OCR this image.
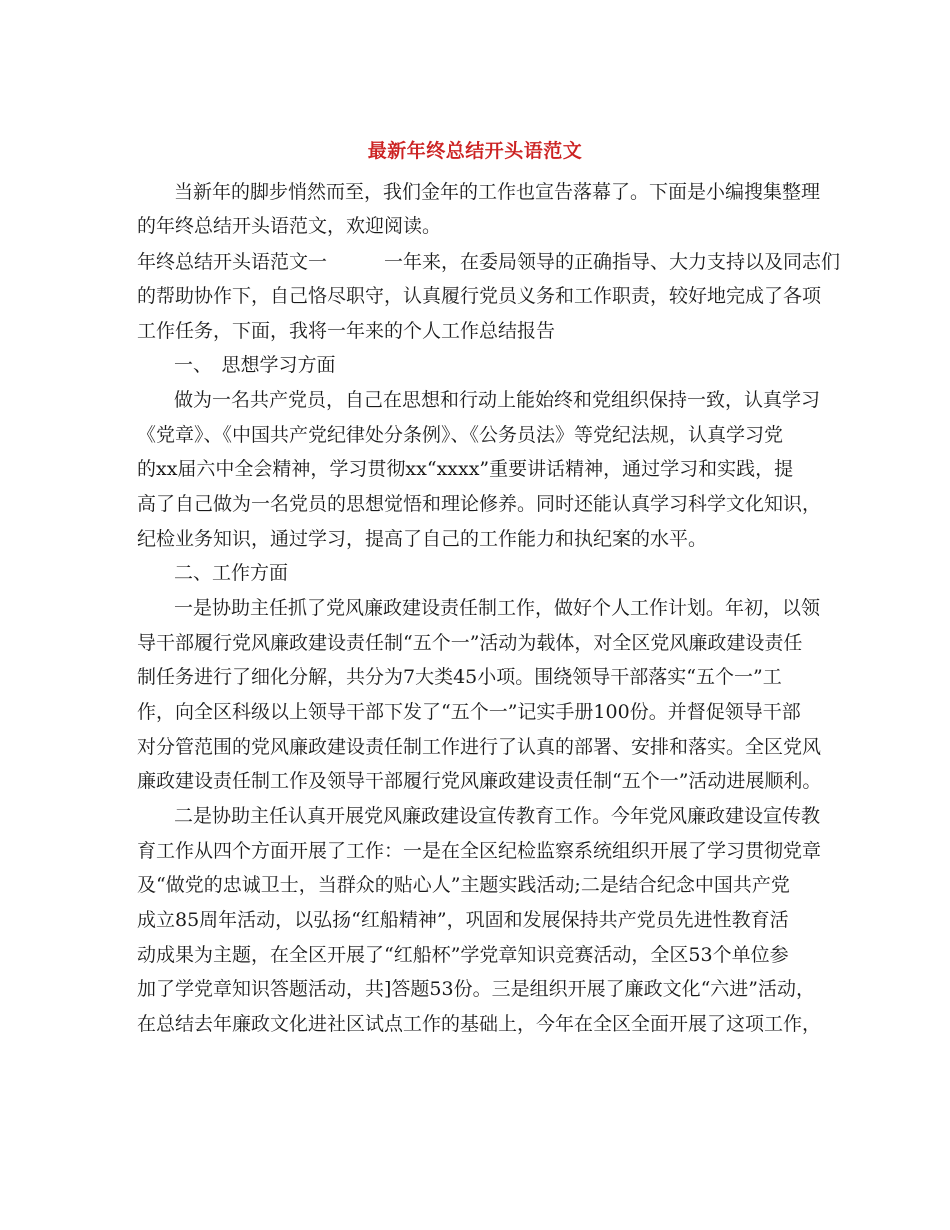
最新年终总结开头语范文
当新年的脚步悄然而至，我们金年的工作也宣告落幕了。下面是小编搜集整理
的年终总结开头语范文，欢迎阅读。
年终总结开头语范文一　　　一年来，在委局领导的正确指导、大力支持以及同志们
的帮助协作下，自己恪尽职守，认真履行党员义务和工作职责，较好地完成了各项
工作任务，下面，我将一年来的个人工作总结报告
一、　思想学习方面
做为一名共产党员，自己在思想和行动上能始终和党组织保持一致，认真学习
《党章》、《中国共产党纪律处分条例》、《公务员法》等党纪法规，认真学习党
的xx届六中全会精神，学习贯彻xx“xxxx”重要讲话精神，通过学习和实践，提
高了自己做为一名党员的思想觉悟和理论修养。同时还能认真学习科学文化知识，
纪检业务知识，通过学习，提高了自己的工作能力和执纪案的水平。
二、工作方面
一是协助主任抓了党风廉政建设责任制工作，做好个人工作计划。年初，以领
导干部履行党风廉政建设责任制“五个一”活动为载体，对全区党风廉政建设责任
制任务进行了细化分解，共分为7大类45小项。围绕领导干部落实“五个一”工
作，向全区科级以上领导干部下发了“五个一”记实手册100份。并督促领导干部
对分管范围的党风廉政建设责任制工作进行了认真的部署、安排和落实。全区党风
廉政建设责任制工作及领导干部履行党风廉政建设责任制“五个一”活动进展顺利。
二是协助主任认真开展党风廉政建设宣传教育工作。今年党风廉政建设宣传教
育工作从四个方面开展了工作：一是在全区纪检监察系统组织开展了学习贯彻党章
及“做党的忠诚卫士，当群众的贴心人”主题实践活动;二是结合纪念中国共产党
成立85周年活动，以弘扬“红船精神”，巩固和发展保持共产党员先进性教育活
动成果为主题，在全区开展了“红船杯”学党章知识竞赛活动，全区53个单位参
加了学党章知识答题活动，共]答题53份。三是组织开展了廉政文化“六进”活动，
在总结去年廉政文化进社区试点工作的基础上，今年在全区全面开展了这项工作，
